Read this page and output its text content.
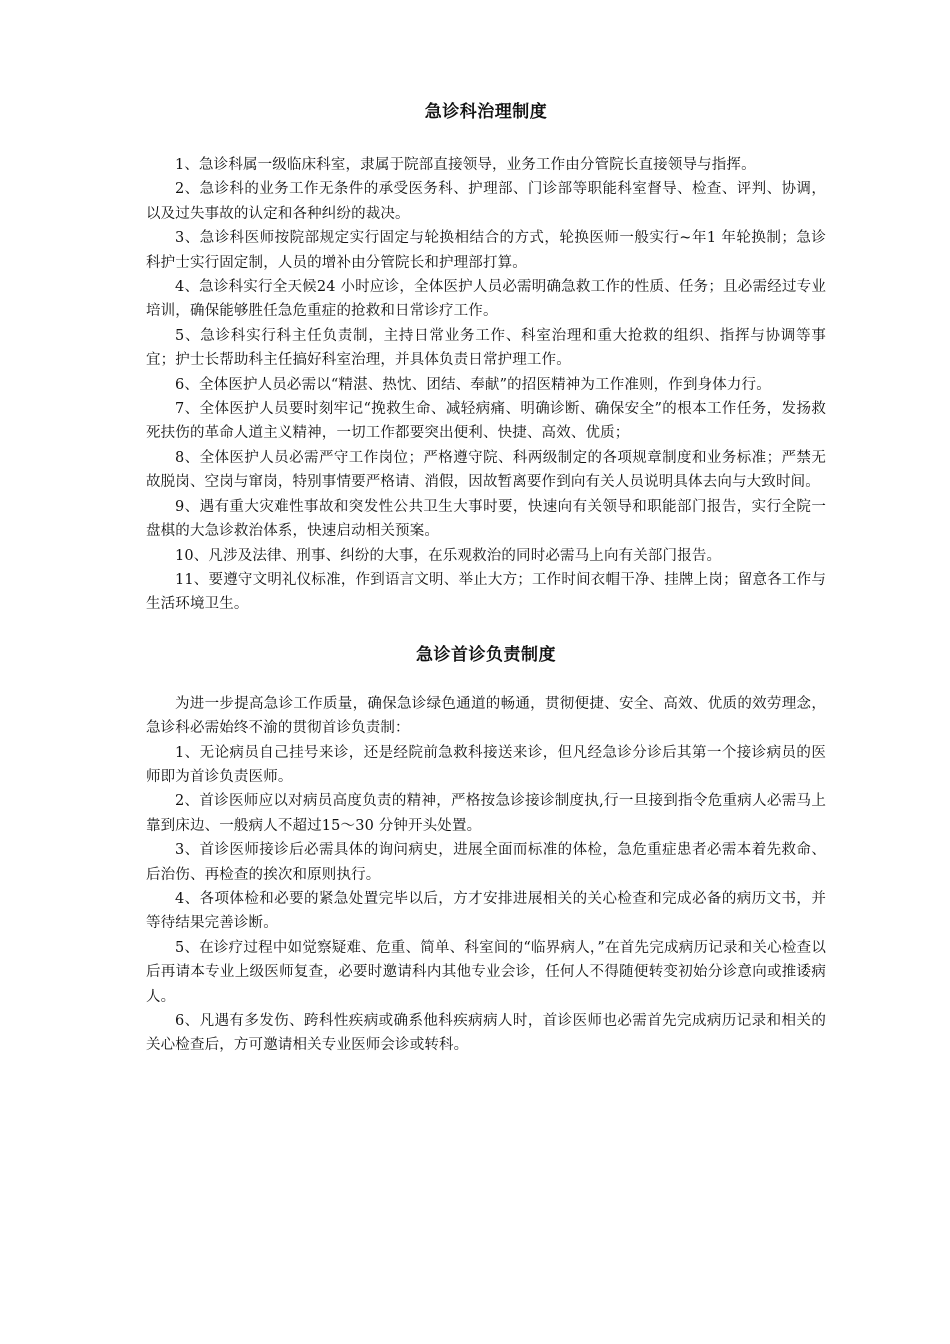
急诊科治理制度

1、急诊科属一级临床科室，隶属于院部直接领导，业务工作由分管院长直接领导与指挥。

2、急诊科的业务工作无条件的承受医务科、护理部、门诊部等职能科室督导、检查、评判、协调，以及过失事故的认定和各种纠纷的裁决。

3、急诊科医师按院部规定实行固定与轮换相结合的方式，轮换医师一般实行~年1 年轮换制；急诊科护士实行固定制，人员的增补由分管院长和护理部打算。

4、急诊科实行全天候24 小时应诊，全体医护人员必需明确急救工作的性质、任务；且必需经过专业培训，确保能够胜任急危重症的抢救和日常诊疗工作。

5、急诊科实行科主任负责制，主持日常业务工作、科室治理和重大抢救的组织、指挥与协调等事宜；护士长帮助科主任搞好科室治理，并具体负责日常护理工作。

6、全体医护人员必需以“精湛、热忱、团结、奉献”的招医精神为工作准则，作到身体力行。

7、全体医护人员要时刻牢记“挽救生命、减轻病痛、明确诊断、确保安全”的根本工作任务，发扬救死扶伤的革命人道主义精神，一切工作都要突出便利、快捷、高效、优质；

8、全体医护人员必需严守工作岗位；严格遵守院、科两级制定的各项规章制度和业务标准；严禁无故脱岗、空岗与窜岗，特别事情要严格请、消假，因故暂离要作到向有关人员说明具体去向与大致时间。

9、遇有重大灾难性事故和突发性公共卫生大事时要，快速向有关领导和职能部门报告，实行全院一盘棋的大急诊救治体系，快速启动相关预案。

10、凡涉及法律、刑事、纠纷的大事，在乐观救治的同时必需马上向有关部门报告。

11、要遵守文明礼仪标准，作到语言文明、举止大方；工作时间衣帽干净、挂牌上岗；留意各工作与生活环境卫生。

急诊首诊负责制度

为进一步提高急诊工作质量，确保急诊绿色通道的畅通，贯彻便捷、安全、高效、优质的效劳理念，急诊科必需始终不渝的贯彻首诊负责制：

1、无论病员自己挂号来诊，还是经院前急救科接送来诊，但凡经急诊分诊后其第一个接诊病员的医师即为首诊负责医师。

2、首诊医师应以对病员高度负责的精神，严格按急诊接诊制度执,行一旦接到指令危重病人必需马上靠到床边、一般病人不超过15～30 分钟开头处置。

3、首诊医师接诊后必需具体的询问病史，进展全面而标准的体检，急危重症患者必需本着先救命、后治伤、再检查的挨次和原则执行。

4、各项体检和必要的紧急处置完毕以后，方才安排进展相关的关心检查和完成必备的病历文书，并等待结果完善诊断。

5、在诊疗过程中如觉察疑难、危重、简单、科室间的“临界病人，”在首先完成病历记录和关心检查以后再请本专业上级医师复查，必要时邀请科内其他专业会诊，任何人不得随便转变初始分诊意向或推诿病人。

6、凡遇有多发伤、跨科性疾病或确系他科疾病病人时，首诊医师也必需首先完成病历记录和相关的关心检查后，方可邀请相关专业医师会诊或转科。
